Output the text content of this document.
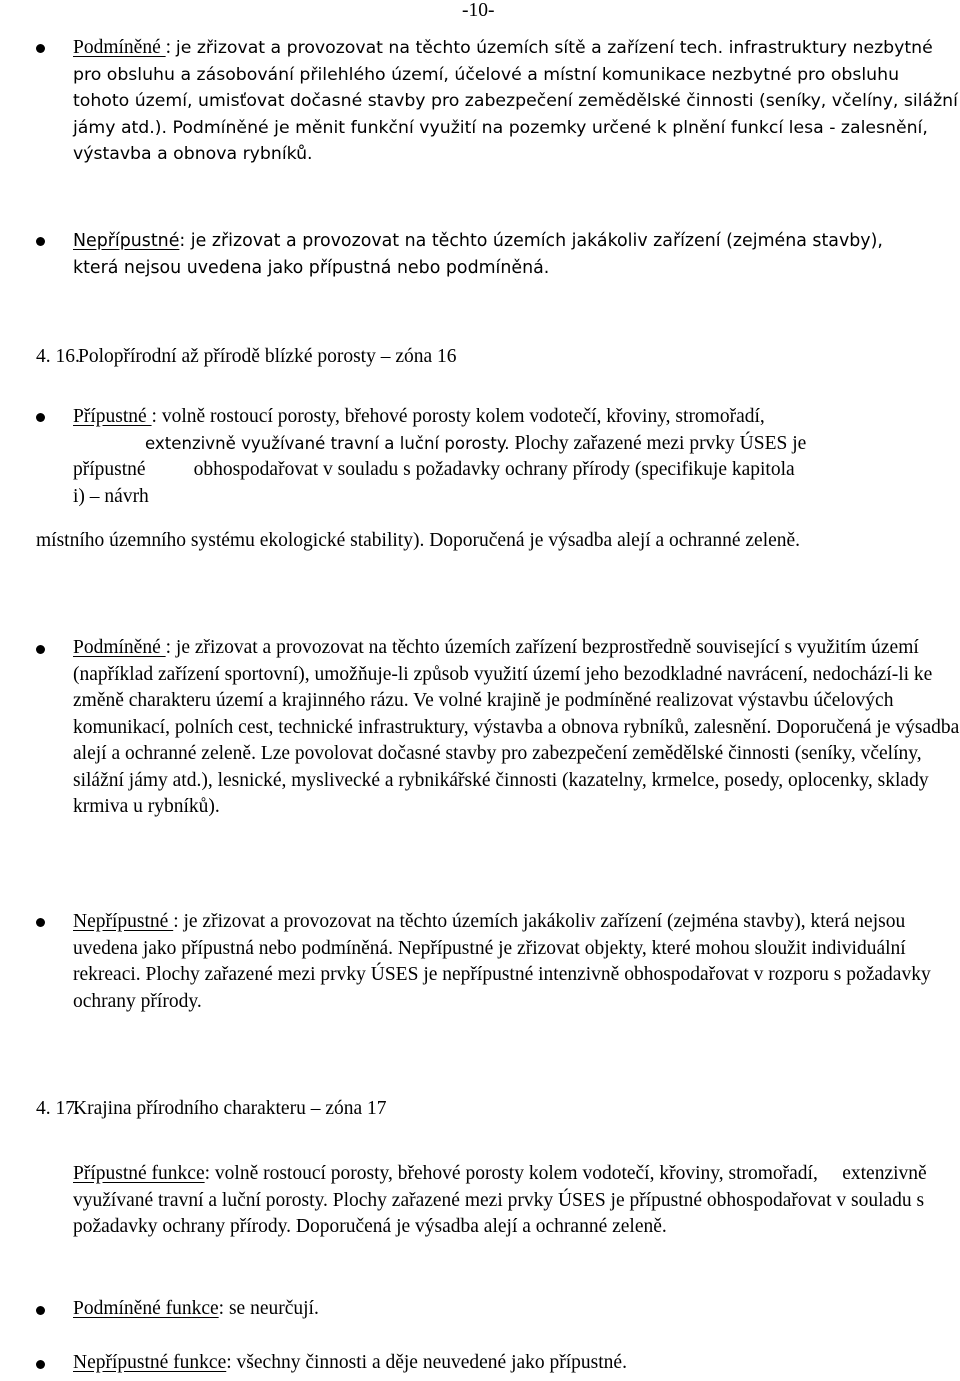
-10-

Podmíněné : je zřizovat a provozovat na těchto územích sítě a zařízení tech. infrastruktury nezbytné pro obsluhu a zásobování přilehlého území, účelové a místní komunikace nezbytné pro obsluhu tohoto území, umisťovat dočasné stavby pro zabezpečení zemědělské činnosti (seníky, včelíny, silážní jámy atd.). Podmíněné je měnit funkční využití na pozemky určené k plnění funkcí lesa - zalesnění, výstavba a obnova rybníků.

Nepřípustné: je zřizovat a provozovat na těchto územích jakákoliv zařízení (zejména stavby), která nejsou uvedena jako přípustná nebo podmíněná.

4. 16.
Polopřírodní až přírodě blízké porosty – zóna 16

Přípustné : volně rostoucí porosty, břehové porosty kolem vodotečí, křoviny, stromořadí,

extenzivně využívané travní a luční porosty. Plochy zařazené mezi prvky ÚSES je

přípustné obhospodařovat v souladu s požadavky ochrany přírody (specifikuje kapitola

i) – návrh

místního územního systému ekologické stability). Doporučená je výsadba alejí a ochranné zeleně.

Podmíněné : je zřizovat a provozovat na těchto územích zařízení bezprostředně související s využitím území (například zařízení sportovní), umožňuje-li způsob využití území jeho bezodkladné navrácení, nedochází-li ke změně charakteru území a krajinného rázu. Ve volné krajině je podmíněné realizovat výstavbu účelových komunikací, polních cest, technické infrastruktury, výstavba a obnova rybníků, zalesnění. Doporučená je výsadba alejí a ochranné zeleně. Lze povolovat dočasné stavby pro zabezpečení zemědělské činnosti (seníky, včelíny, silážní jámy atd.), lesnické, myslivecké a rybnikářské činnosti (kazatelny, krmelce, posedy, oplocenky, sklady krmiva u rybníků).

Nepřípustné : je zřizovat a provozovat na těchto územích jakákoliv zařízení (zejména stavby), která nejsou uvedena jako přípustná nebo podmíněná. Nepřípustné je zřizovat objekty, které mohou sloužit individuální rekreaci. Plochy zařazené mezi prvky ÚSES je nepřípustné intenzivně obhospodařovat v rozporu s požadavky ochrany přírody.

4. 17.
Krajina přírodního charakteru – zóna 17

Přípustné funkce: volně rostoucí porosty, břehové porosty kolem vodotečí, křoviny, stromořadí,     extenzivně využívané travní a luční porosty. Plochy zařazené mezi prvky ÚSES je přípustné obhospodařovat v souladu s  požadavky ochrany přírody. Doporučená je výsadba alejí a ochranné zeleně.

Podmíněné funkce: se neurčují.

Nepřípustné funkce: všechny činnosti a děje neuvedené jako přípustné.
